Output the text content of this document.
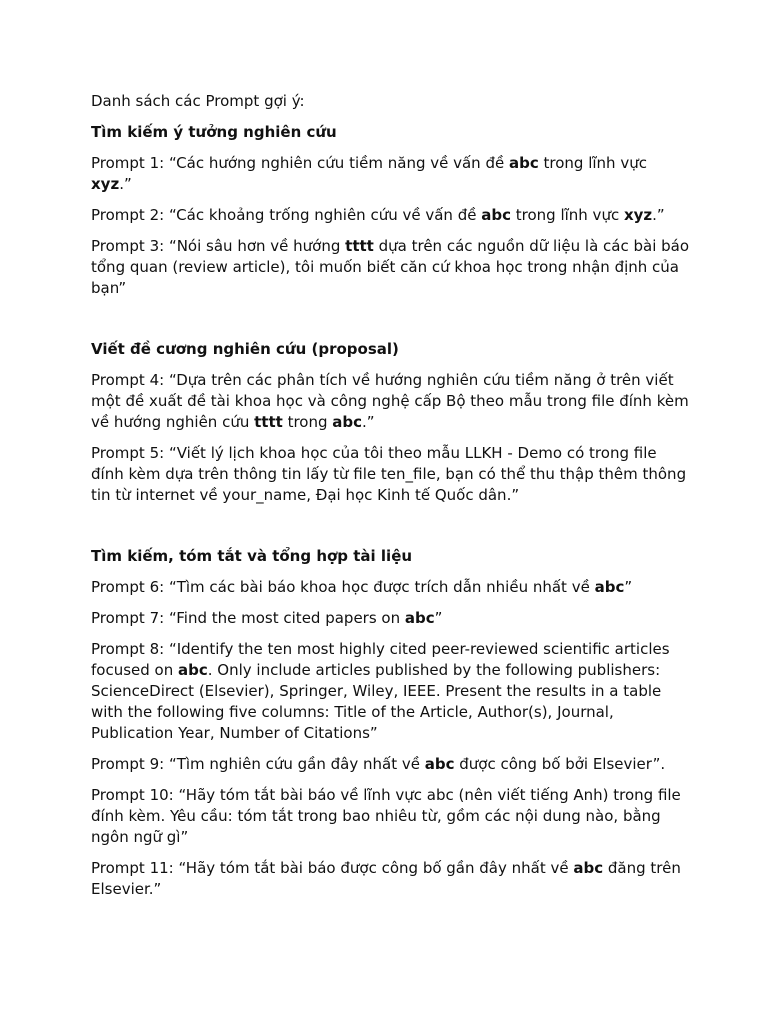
Danh sách các Prompt gợi ý:

Tìm kiếm ý tưởng nghiên cứu

Prompt 1: “Các hướng nghiên cứu tiềm năng về vấn đề abc trong lĩnh vực xyz.”

Prompt 2: “Các khoảng trống nghiên cứu về vấn đề abc trong lĩnh vực xyz.”

Prompt 3: “Nói sâu hơn về hướng tttt dựa trên các nguồn dữ liệu là các bài báo tổng quan (review article), tôi muốn biết căn cứ khoa học trong nhận định của bạn”

Viết đề cương nghiên cứu (proposal)

Prompt 4: “Dựa trên các phân tích về hướng nghiên cứu tiềm năng ở trên viết một đề xuất đề tài khoa học và công nghệ cấp Bộ theo mẫu trong file đính kèm về hướng nghiên cứu tttt trong abc.”

Prompt 5: “Viết lý lịch khoa học của tôi theo mẫu LLKH - Demo có trong file đính kèm dựa trên thông tin lấy từ file ten_file, bạn có thể thu thập thêm thông tin từ internet về your_name, Đại học Kinh tế Quốc dân.”

Tìm kiếm, tóm tắt và tổng hợp tài liệu

Prompt 6: “Tìm các bài báo khoa học được trích dẫn nhiều nhất về abc”

Prompt 7: “Find the most cited papers on abc”

Prompt 8: “Identify the ten most highly cited peer-reviewed scientific articles focused on abc. Only include articles published by the following publishers: ScienceDirect (Elsevier), Springer, Wiley, IEEE. Present the results in a table with the following five columns: Title of the Article, Author(s), Journal, Publication Year, Number of Citations”

Prompt 9: “Tìm nghiên cứu gần đây nhất về abc được công bố bởi Elsevier”.

Prompt 10: “Hãy tóm tắt bài báo về lĩnh vực abc (nên viết tiếng Anh) trong file đính kèm. Yêu cầu: tóm tắt trong bao nhiêu từ, gồm các nội dung nào, bằng ngôn ngữ gì”

Prompt 11: “Hãy tóm tắt bài báo được công bố gần đây nhất về abc đăng trên Elsevier.”
